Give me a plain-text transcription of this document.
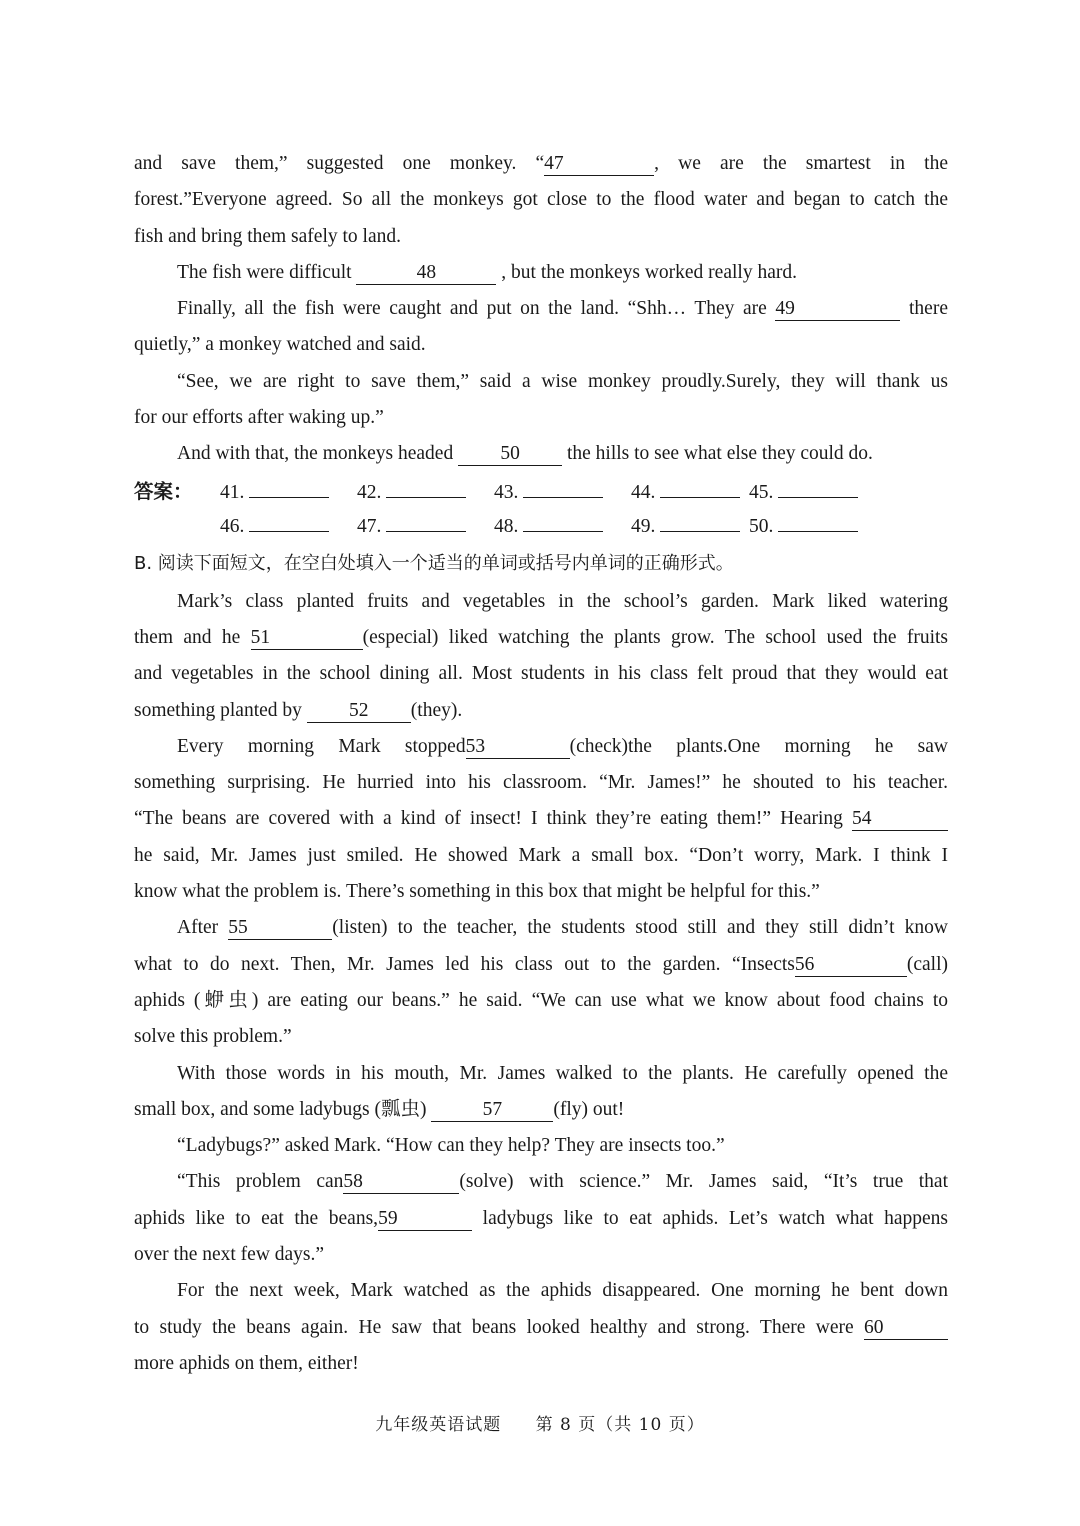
and save them,” suggested one monkey. “47	, we are the smartest in the

forest.”Everyone agreed. So all the monkeys got close to the flood water and began to catch the

fish and bring them safely to land.

The fish were difficult	48	, but the monkeys worked really hard.

Finally, all the fish were caught and put on the land. “Shh… They are 49	there

quietly,” a monkey watched and said.

“See, we are right to save them,” said a wise monkey proudly.Surely, they will thank us

for our efforts after waking up.”

And with that, the monkeys headed 50 the hills to see what else they could do.

答案： 41.	42.	43.	44.	45.
46.	47.	48.	49.	50.

B. 阅读下面短文，在空白处填入一个适当的单词或括号内单词的正确形式。

Mark’s class planted fruits and vegetables in the school’s garden. Mark liked watering

them and he 51	(especial) liked watching the plants grow. The school used the fruits

and vegetables in the school dining all. Most students in his class felt proud that they would eat

something planted by 52 (they).

Every morning Mark stopped53	(check)the plants.One morning he saw

something surprising. He hurried into his classroom. “Mr. James!” he shouted to his teacher.

“The beans are covered with a kind of insect! I think they’re eating them!” Hearing 54

he said, Mr. James just smiled. He showed Mark a small box. “Don’t worry, Mark. I think I

know what the problem is. There’s something in this box that might be helpful for this.”

After 55	(listen) to the teacher, the students stood still and they still didn’t know

what to do next. Then, Mr. James led his class out to the garden. “Insects56	(call)

aphids (蛜虫) are eating our beans.” he said. “We can use what we know about food chains to

solve this problem.”

With those words in his mouth, Mr. James walked to the plants. He carefully opened the

small box, and some ladybugs (瓢虫)	57	(fly) out!

“Ladybugs?” asked Mark. “How can they help? They are insects too.”

“This problem can58	(solve) with science.” Mr. James said, “It’s true that

aphids like to eat the beans,59	ladybugs like to eat aphids. Let’s watch what happens

over the next few days.”

For the next week, Mark watched as the aphids disappeared. One morning he bent down

to study the beans again. He saw that beans looked healthy and strong. There were 60

more aphids on them, either!

九年级英语试题 第 8 页（共 10 页）
